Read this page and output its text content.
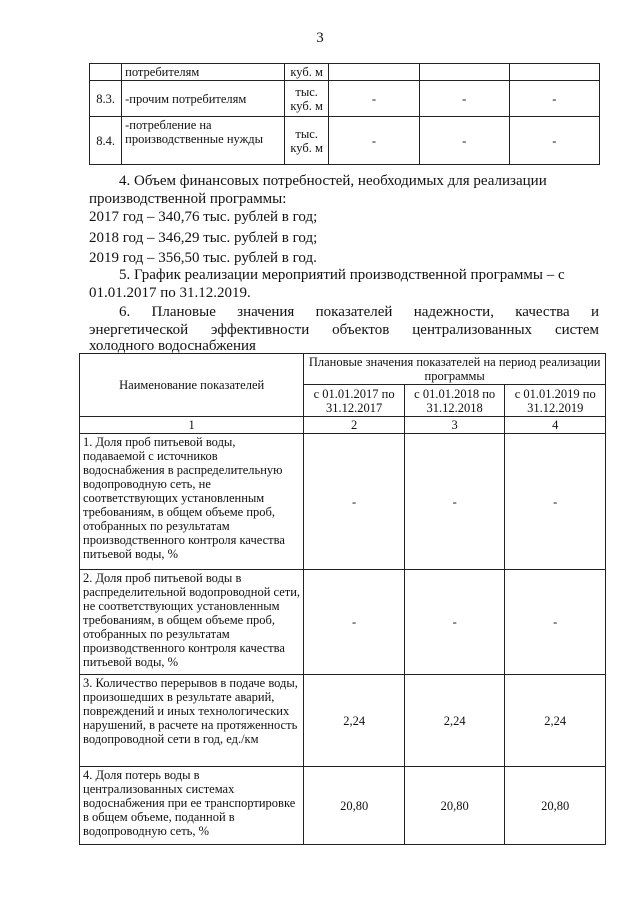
3
	потребителям	куб. м			
8.3.	-прочим потребителям	тыс. куб. м	-	-	-
8.4.	-потребление на производственные нужды	тыс. куб. м	-	-	-
4. Объем финансовых потребностей, необходимых для реализации производственной программы:
2017 год – 340,76 тыс. рублей в год;
2018 год – 346,29 тыс. рублей в год;
2019 год – 356,50 тыс. рублей в год.
5. График реализации мероприятий производственной программы – с 01.01.2017 по 31.12.2019.
6. Плановые значения показателей надежности, качества и
энергетической эффективности объектов централизованных систем
холодного водоснабжения
Наименование показателей	Плановые значения показателей на период реализации программы		
	с 01.01.2017 по 31.12.2017	с 01.01.2018 по 31.12.2018	с 01.01.2019 по 31.12.2019
1	2	3	4
1. Доля проб питьевой воды, подаваемой с источников водоснабжения в распределительную водопроводную сеть, не соответствующих установленным требованиям, в общем объеме проб, отобранных по результатам производственного контроля качества питьевой воды, %	-	-	-
2. Доля проб питьевой воды в распределительной водопроводной сети, не соответствующих установленным требованиям, в общем объеме проб, отобранных по результатам производственного контроля качества питьевой воды, %	-	-	-
3. Количество перерывов в подаче воды, произошедших в результате аварий, повреждений и иных технологических нарушений, в расчете на протяженность водопроводной сети в год, ед./км	2,24	2,24	2,24
4. Доля потерь воды в централизованных системах водоснабжения при ее транспортировке в общем объеме, поданной в водопроводную сеть, %	20,80	20,80	20,80
